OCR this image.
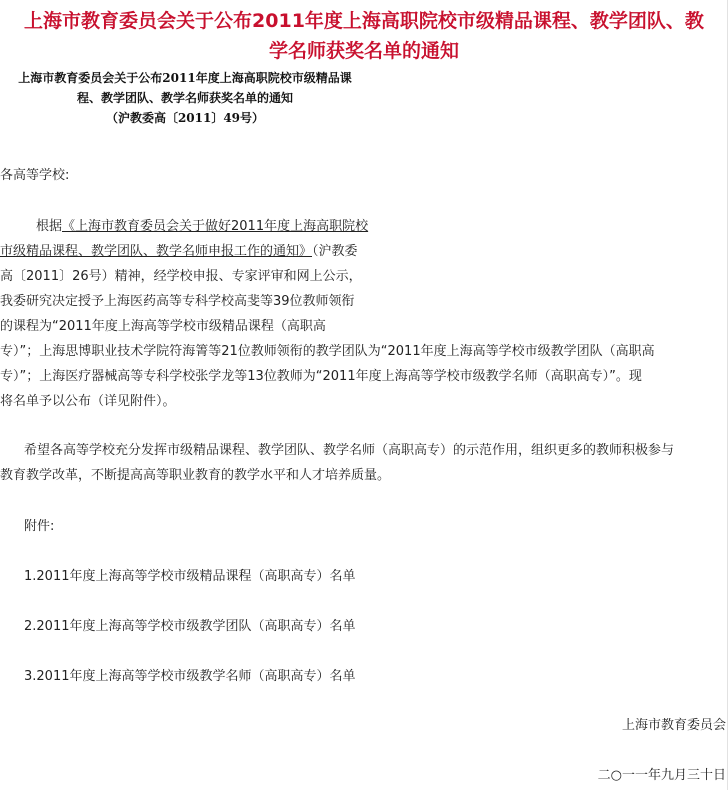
上海市教育委员会关于公布2011年度上海高职院校市级精品课程、教学团队、教
学名师获奖名单的通知
上海市教育委员会关于公布2011年度上海高职院校市级精品课
程、教学团队、教学名师获奖名单的通知
（沪教委高〔2011〕49号）
各高等学校:
根据《上海市教育委员会关于做好2011年度上海高职院校
市级精品课程、教学团队、教学名师申报工作的通知》（沪教委
高〔2011〕26号）精神，经学校申报、专家评审和网上公示，
我委研究决定授予上海医药高等专科学校高斐等39位教师领衔
的课程为“2011年度上海高等学校市级精品课程（高职高
专）”；上海思博职业技术学院符海箐等21位教师领衔的教学团队为“2011年度上海高等学校市级教学团队（高职高
专）”；上海医疗器械高等专科学校张学龙等13位教师为“2011年度上海高等学校市级教学名师（高职高专）”。现
将名单予以公布（详见附件）。
希望各高等学校充分发挥市级精品课程、教学团队、教学名师（高职高专）的示范作用，组织更多的教师积极参与
教育教学改革，不断提高高等职业教育的教学水平和人才培养质量。
附件:
1.2011年度上海高等学校市级精品课程（高职高专）名单
2.2011年度上海高等学校市级教学团队（高职高专）名单
3.2011年度上海高等学校市级教学名师（高职高专）名单
上海市教育委员会
二○一一年九月三十日
